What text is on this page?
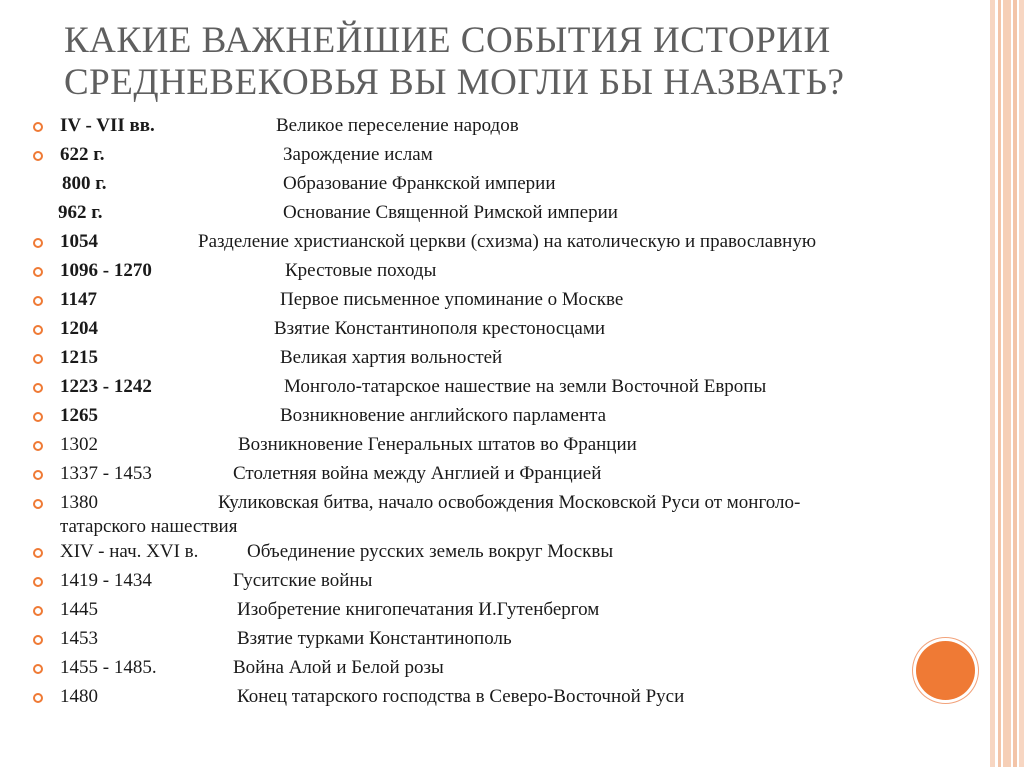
КАКИЕ ВАЖНЕЙШИЕ СОБЫТИЯ ИСТОРИИ
СРЕДНЕВЕКОВЬЯ ВЫ МОГЛИ БЫ НАЗВАТЬ?
IV - VII вв.	Великое переселение народов
622 г.	Зарождение ислам
800 г.	Образование Франкской империи
962 г.	Основание Священной Римской империи
1054	Разделение христианской церкви (схизма) на католическую и православную
1096 - 1270	Крестовые походы
1147	Первое письменное упоминание о Москве
1204	Взятие Константинополя крестоносцами
1215	Великая хартия вольностей
1223 - 1242	Монголо-татарское нашествие на земли Восточной Европы
1265	Возникновение английского парламента
1302	Возникновение Генеральных штатов во Франции
1337 - 1453	Столетняя война между Англией и Францией
1380	Куликовская битва, начало освобождения Московской Руси от монголо-
татарского нашествия
XIV - нач. XVI в.	Объединение русских земель вокруг Москвы
1419 - 1434	Гуситские войны
1445	Изобретение книгопечатания И.Гутенбергом
1453	Взятие турками Константинополь
1455 - 1485.	Война Алой и Белой розы
1480	Конец татарского господства в Северо-Восточной Руси
